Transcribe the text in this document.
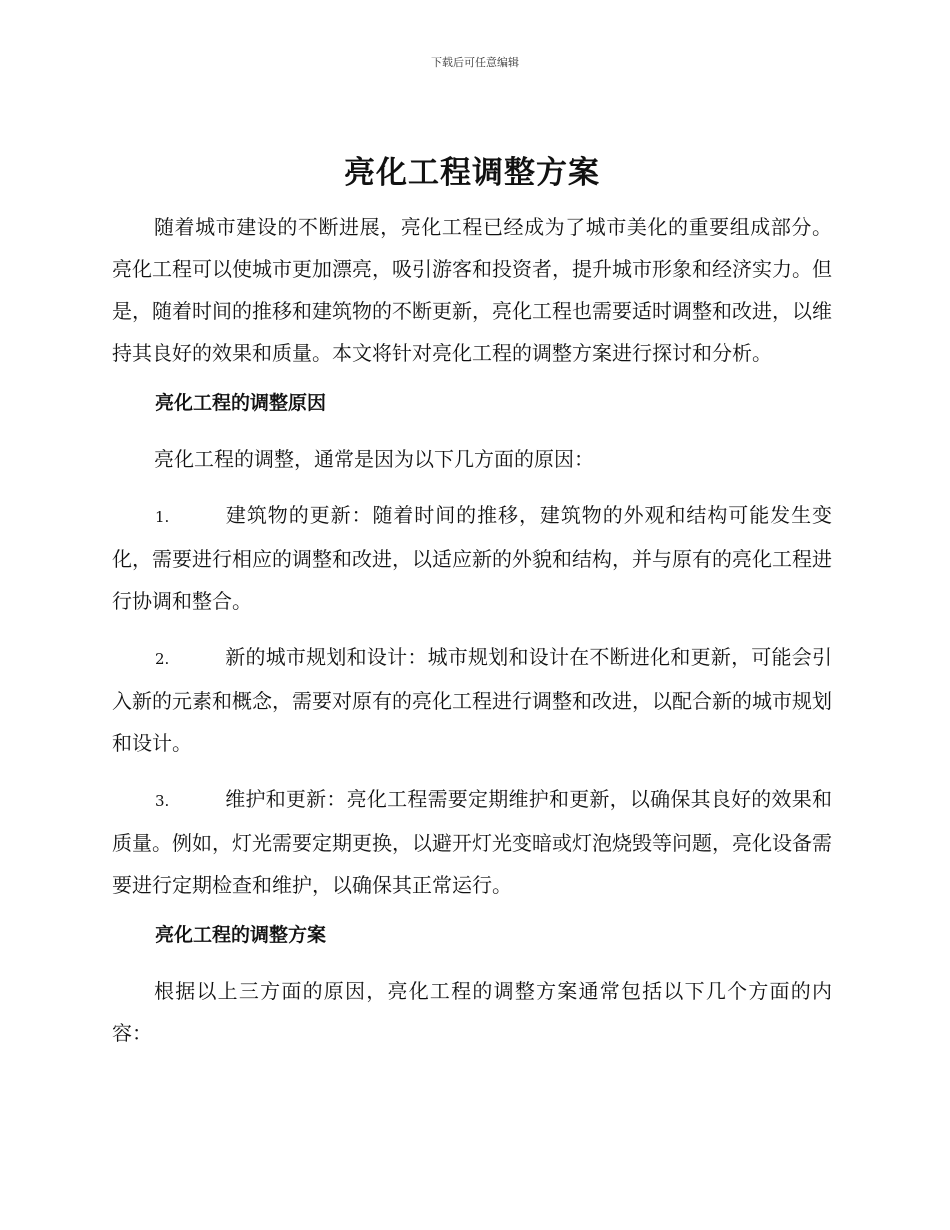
下载后可任意编辑
亮化工程调整方案

随着城市建设的不断进展，亮化工程已经成为了城市美化的重要组成部分。亮化工程可以使城市更加漂亮，吸引游客和投资者，提升城市形象和经济实力。但是，随着时间的推移和建筑物的不断更新，亮化工程也需要适时调整和改进，以维持其良好的效果和质量。本文将针对亮化工程的调整方案进行探讨和分析。

亮化工程的调整原因

亮化工程的调整，通常是因为以下几方面的原因：

1.	建筑物的更新：随着时间的推移，建筑物的外观和结构可能发生变化，需要进行相应的调整和改进，以适应新的外貌和结构，并与原有的亮化工程进行协调和整合。
2.	新的城市规划和设计：城市规划和设计在不断进化和更新，可能会引入新的元素和概念，需要对原有的亮化工程进行调整和改进，以配合新的城市规划和设计。
3.	维护和更新：亮化工程需要定期维护和更新，以确保其良好的效果和质量。例如，灯光需要定期更换，以避开灯光变暗或灯泡烧毁等问题，亮化设备需要进行定期检查和维护，以确保其正常运行。
亮化工程的调整方案

根据以上三方面的原因，亮化工程的调整方案通常包括以下几个方面的内容：
